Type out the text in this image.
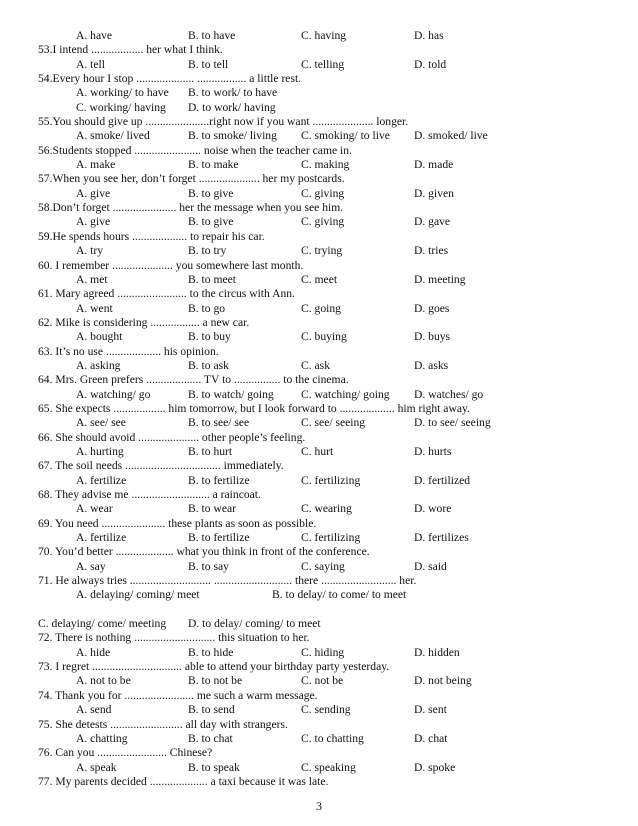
A. have	B. to have	C. having	D. has
53.I intend .................. her what I think.
A. tell	B. to tell	C. telling	D. told
54.Every hour I stop .................... ................. a little rest.
A. working/ to have B. to work/ to have
C. working/ having D. to work/ having
55.You should give up ......................right now if you want ..................... longer.
A. smoke/ lived	B. to smoke/ living C. smoking/ to live D. smoked/ live
56.Students stopped ....................... noise when the teacher came in.
A. make	B. to make	C. making	D. made
57.When you see her, don’t forget ..................... her my postcards.
A. give	B. to give	C. giving	D. given
58.Don’t forget ...................... her the message when you see him.
A. give	B. to give	C. giving	D. gave
59.He spends hours ................... to repair his car.
A. try	B. to try	C. trying	D. tries
60. I remember ..................... you somewhere last month.
A. met	B. to meet	C. meet	D. meeting
61. Mary agreed ........................ to the circus with Ann.
A. went	B. to go	C. going	D. goes
62. Mike is considering ................. a new car.
A. bought	B. to buy	C. buying	D. buys
63. It’s no use ................... his opinion.
A. asking	B. to ask	C. ask	D. asks
64. Mrs. Green prefers ................... TV to ................ to the cinema.
A. watching/ go	B. to watch/ going C. watching/ going D. watches/ go
65. She expects .................. him tomorrow, but I look forward to ................... him right away.
A. see/ see	B. to see/ see	C. see/ seeing	D. to see/ seeing
66. She should avoid ..................... other people’s feeling.
A. hurting	B. to hurt	C. hurt	D. hurts
67. The soil needs ................................. immediately.
A. fertilize	B. to fertilize	C. fertilizing	D. fertilized
68. They advise me ........................... a raincoat.
A. wear	B. to wear	C. wearing	D. wore
69. You need ...................... these plants as soon as possible.
A. fertilize	B. to fertilize	C. fertilizing	D. fertilizes
70. You’d better .................... what you think in front of the conference.
A. say	B. to say	C. saying	D. said
71. He always tries ............................ ........................... there .......................... her.
A. delaying/ coming/ meet	B. to delay/ to come/ to meet
C. delaying/ come/ meeting D. to delay/ coming/ to meet
72. There is nothing ............................ this situation to her.
A. hide	B. to hide	C. hiding	D. hidden
73. I regret ............................... able to attend your birthday party yesterday.
A. not to be	B. to not be	C. not be	D. not being
74. Thank you for ........................ me such a warm message.
A. send	B. to send	C. sending	D. sent
75. She detests ......................... all day with strangers.
A. chatting	B. to chat	C. to chatting	D. chat
76. Can you ........................ Chinese?
A. speak	B. to speak	C. speaking	D. spoke
77. My parents decided .................... a taxi because it was late.
3
